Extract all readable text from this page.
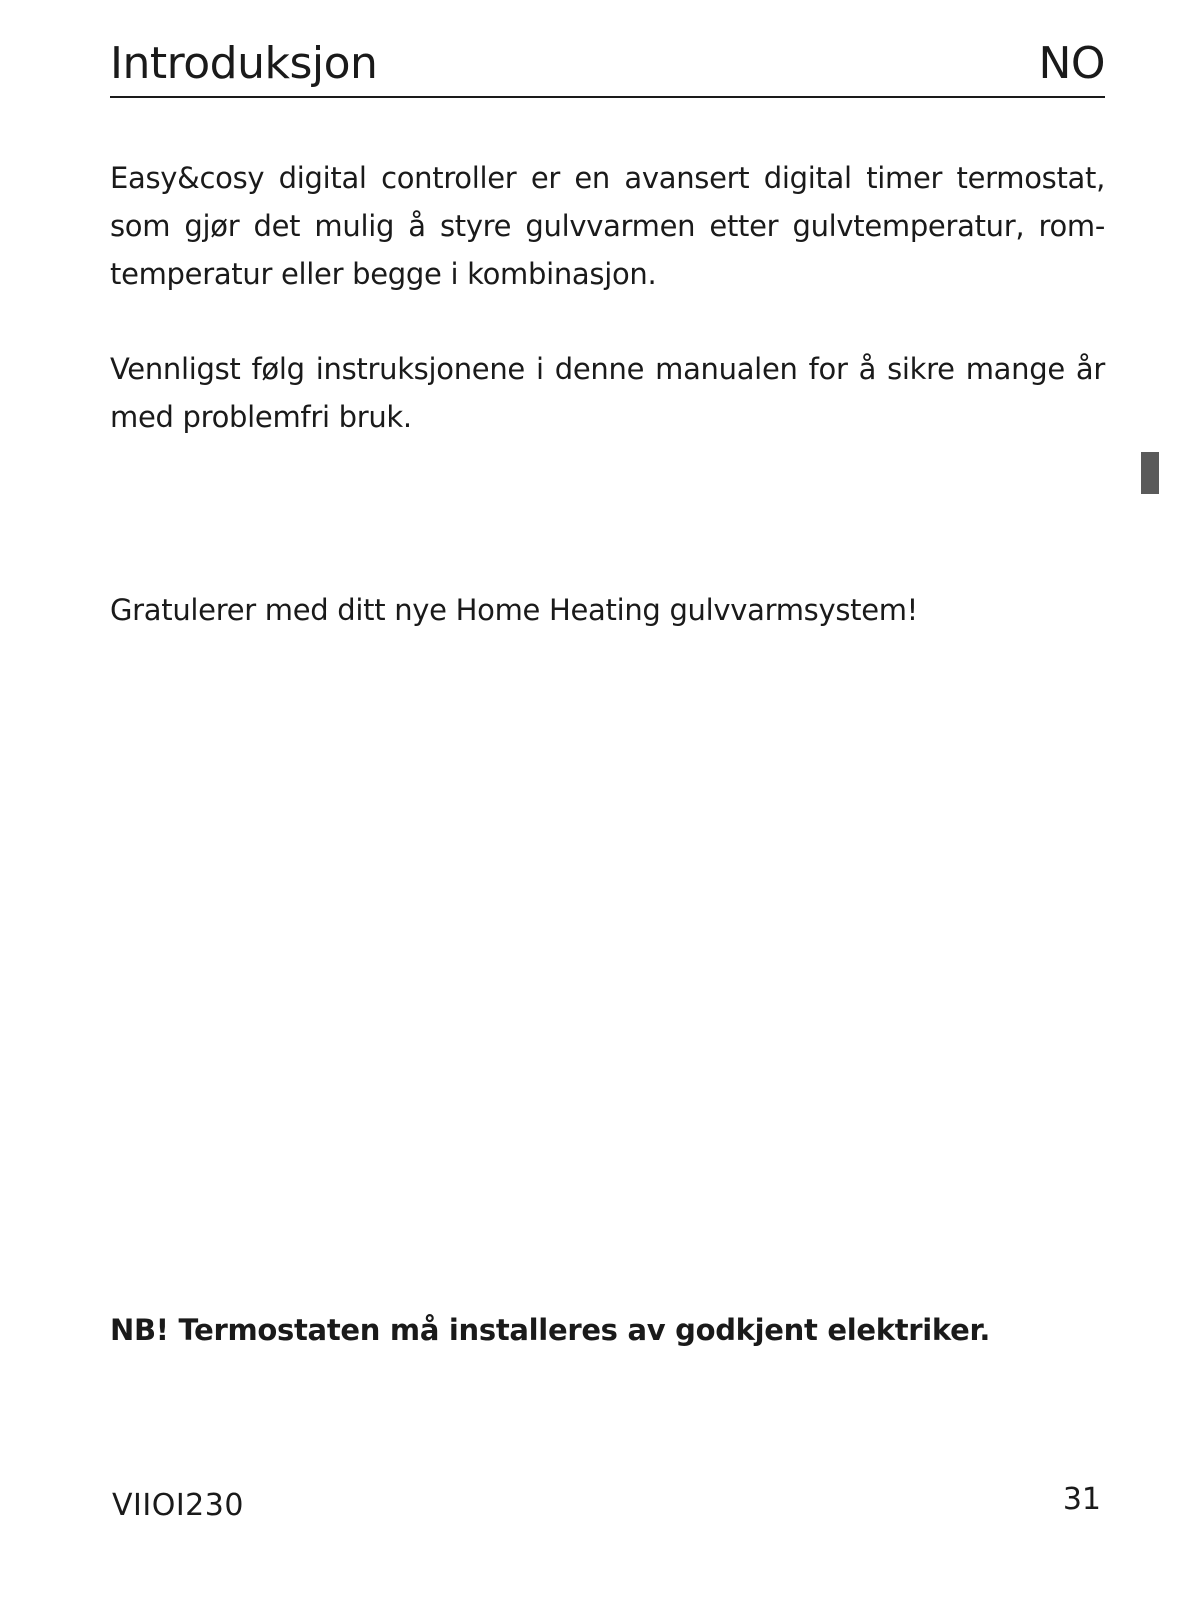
Introduksjon	NO

Easy&cosy digital controller er en avansert digital timer termostat, som gjør det mulig å styre gulvvarmen etter gulvtemperatur, rom-temperatur eller begge i kombinasjon.

Vennligst følg instruksjonene i denne manualen for å sikre mange år med problemfri bruk.

Gratulerer med ditt nye Home Heating gulvvarmsystem!

NB! Termostaten må installeres av godkjent elektriker.

VIIOI230	31
